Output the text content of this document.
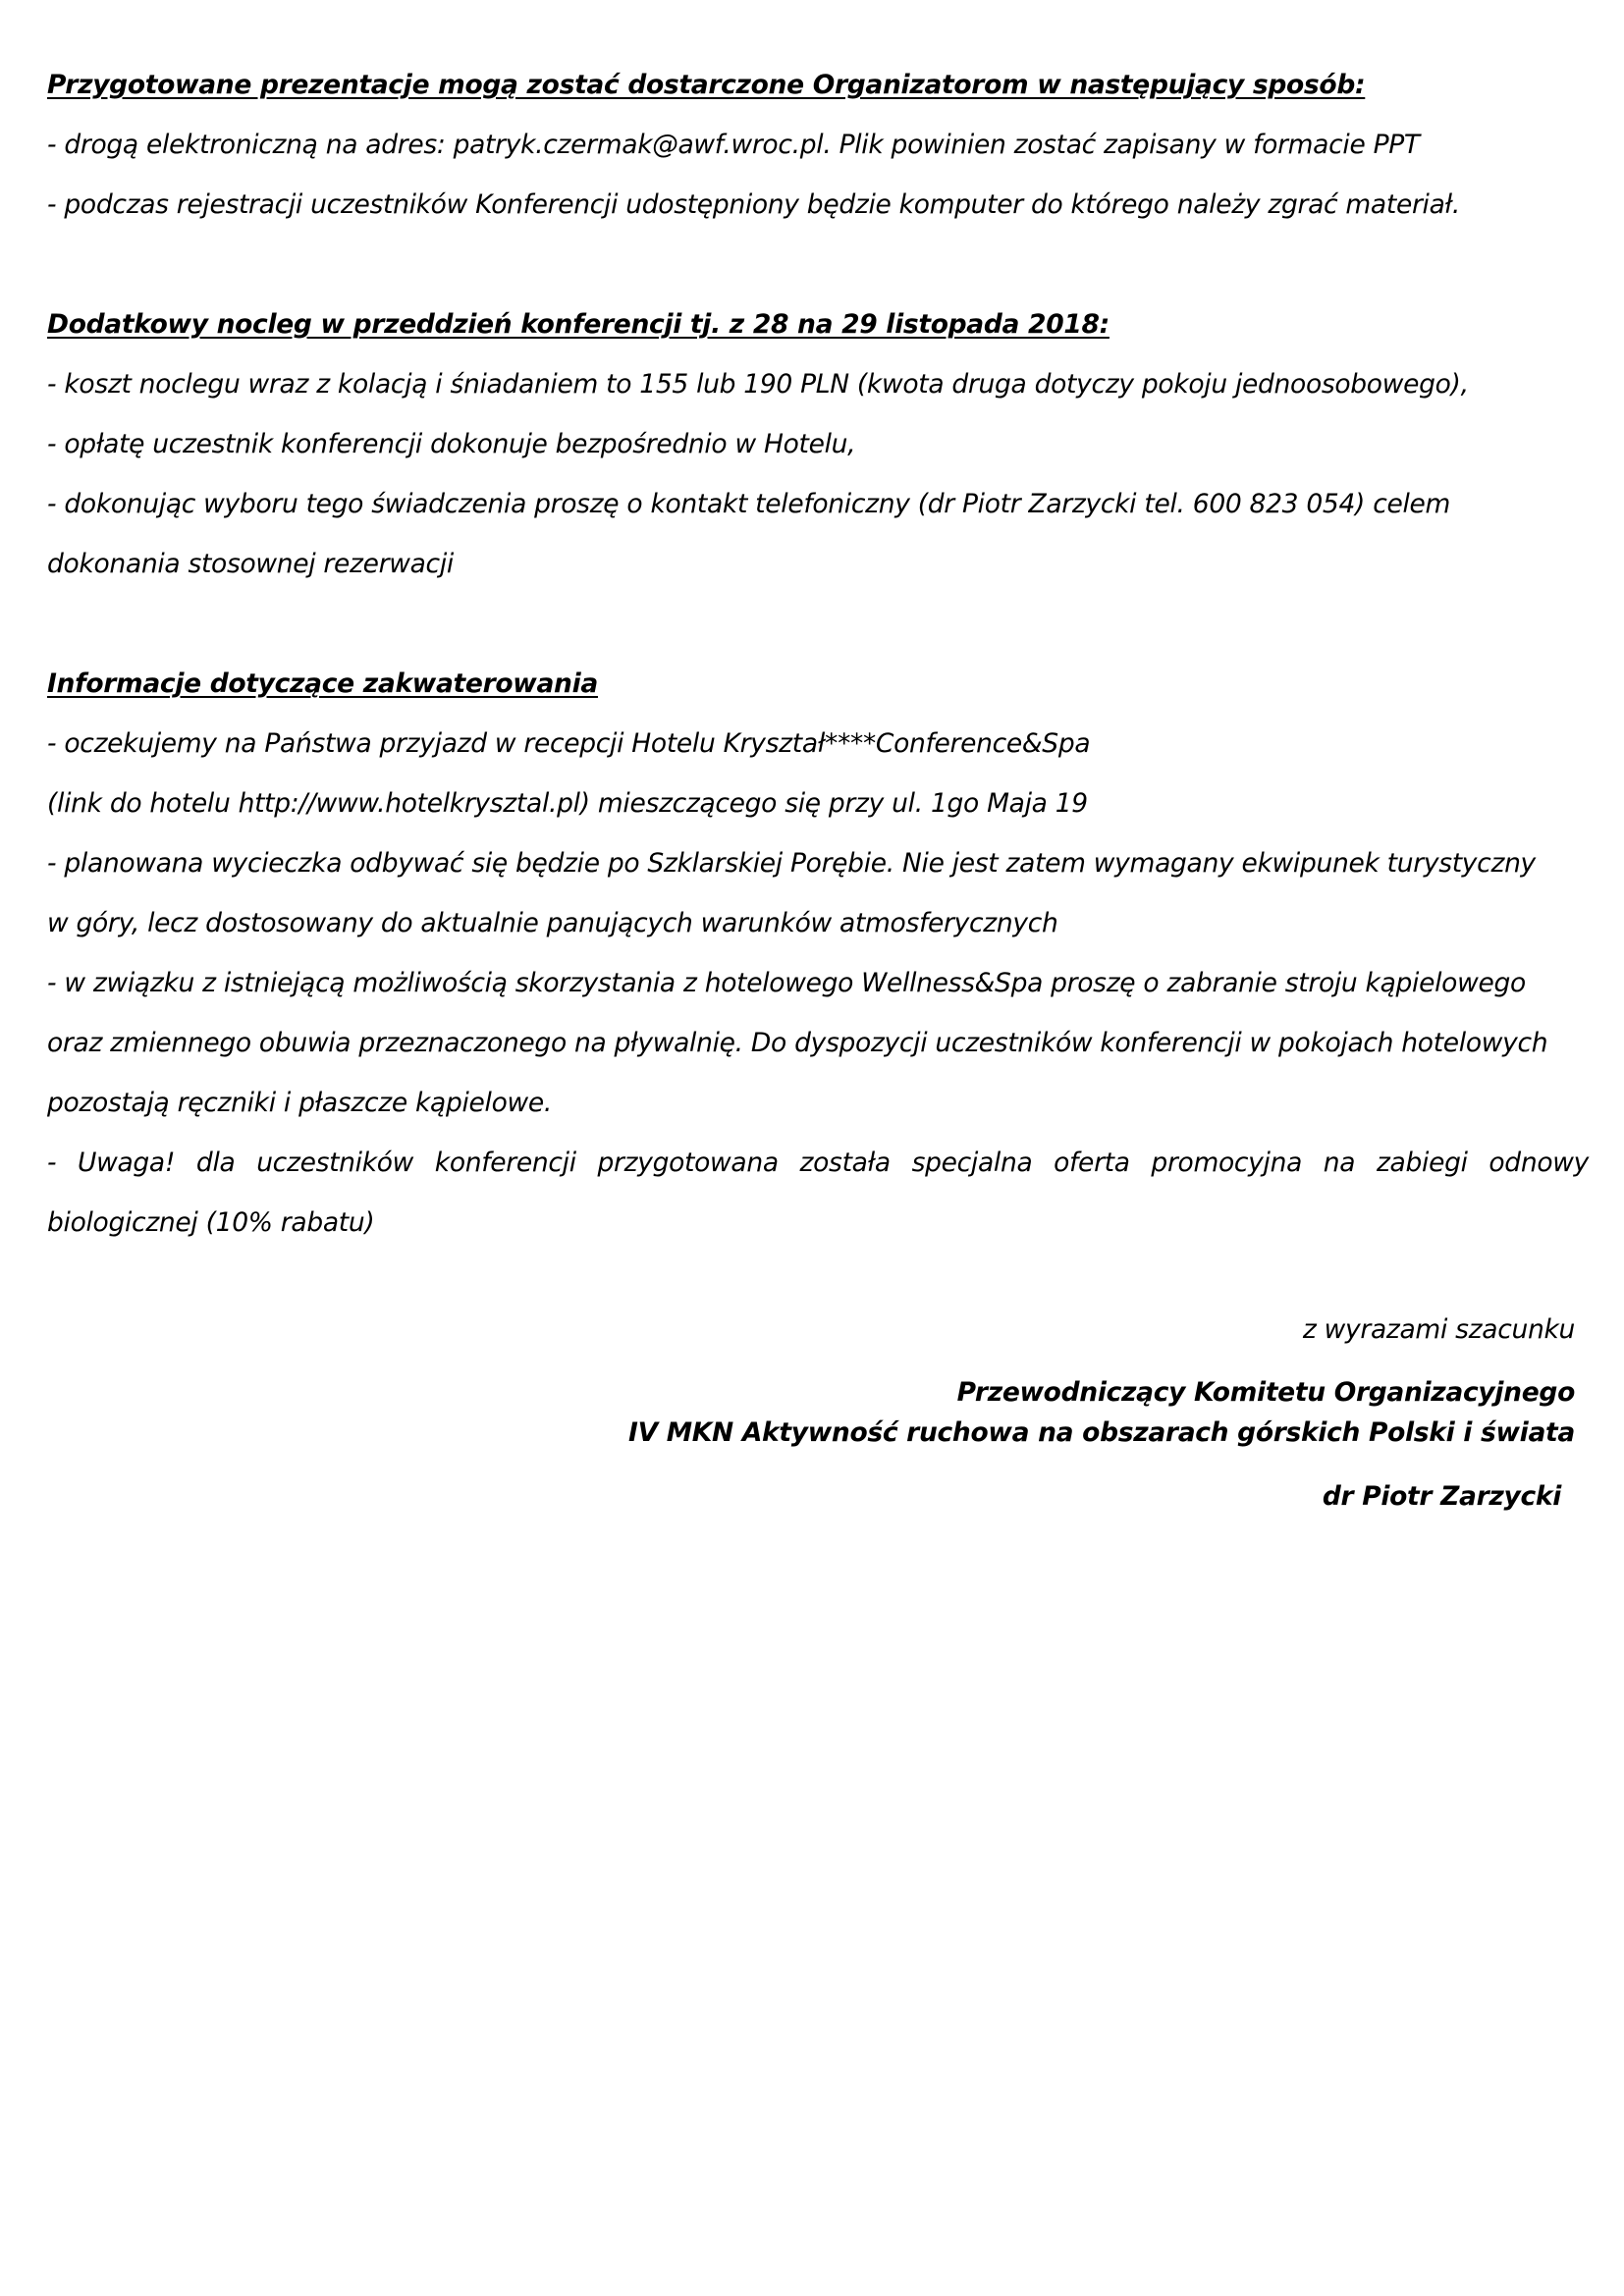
Przygotowane prezentacje mogą zostać dostarczone Organizatorom w następujący sposób:
- drogą elektroniczną na adres: patryk.czermak@awf.wroc.pl. Plik powinien zostać zapisany w formacie PPT
- podczas rejestracji uczestników Konferencji udostępniony będzie komputer do którego należy zgrać materiał.
Dodatkowy nocleg w przeddzień konferencji tj. z 28 na 29 listopada 2018:
- koszt noclegu wraz z kolacją i śniadaniem to 155 lub 190 PLN (kwota druga dotyczy pokoju jednoosobowego),
- opłatę uczestnik konferencji dokonuje bezpośrednio w Hotelu,
- dokonując wyboru tego świadczenia proszę o kontakt telefoniczny (dr Piotr Zarzycki tel. 600 823 054) celem
dokonania stosownej rezerwacji
Informacje dotyczące zakwaterowania
- oczekujemy na Państwa przyjazd w recepcji Hotelu Kryształ****Conference&Spa
(link do hotelu http://www.hotelkrysztal.pl) mieszczącego się przy ul. 1go Maja 19
- planowana wycieczka odbywać się będzie po Szklarskiej Porębie. Nie jest zatem wymagany ekwipunek turystyczny
w góry, lecz dostosowany do aktualnie panujących warunków atmosferycznych
- w związku z istniejącą możliwością skorzystania z hotelowego Wellness&Spa proszę o zabranie stroju kąpielowego
oraz zmiennego obuwia przeznaczonego na pływalnię. Do dyspozycji uczestników konferencji w pokojach hotelowych
pozostają ręczniki i płaszcze kąpielowe.
- Uwaga! dla uczestników konferencji przygotowana została specjalna oferta promocyjna na zabiegi odnowy
biologicznej (10% rabatu)
z wyrazami szacunku
Przewodniczący Komitetu Organizacyjnego
IV MKN Aktywność ruchowa na obszarach górskich Polski i świata
dr Piotr Zarzycki
